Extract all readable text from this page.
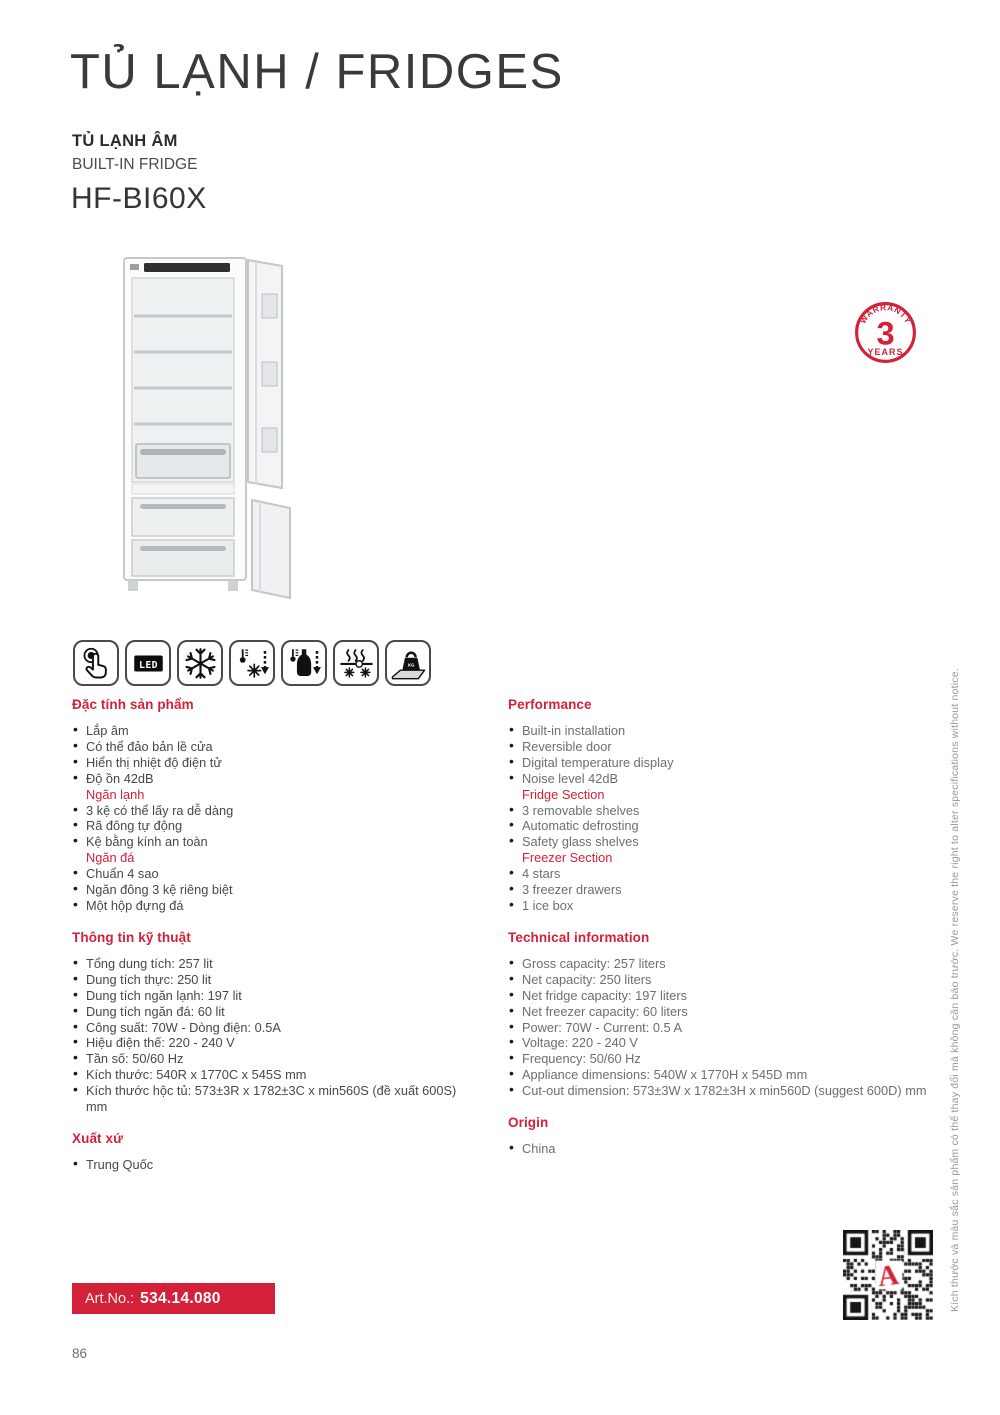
TỦ LẠNH / FRIDGES
TỦ LẠNH ÂM
BUILT-IN FRIDGE
HF-BI60X
WARRANTY
3
YEARS
LED	KG
Đặc tính sản phẩm
• Lắp âm
• Có thể đảo bản lề cửa
• Hiển thị nhiệt độ điện tử
• Độ ồn 42dB
Ngăn lạnh
• 3 kệ có thể lấy ra dễ dàng
• Rã đông tự động
• Kệ bằng kính an toàn
Ngăn đá
• Chuẩn 4 sao
• Ngăn đông 3 kệ riêng biệt
• Một hộp đựng đá
Thông tin kỹ thuật
• Tổng dung tích: 257 lit
• Dung tích thực: 250 lit
• Dung tích ngăn lạnh: 197 lit
• Dung tích ngăn đá: 60 lit
• Công suất: 70W - Dòng điện: 0.5A
• Hiệu điện thế: 220 - 240 V
• Tần số: 50/60 Hz
• Kích thước: 540R x 1770C x 545S mm
• Kích thước hộc tủ: 573±3R x 1782±3C x min560S (đề xuất 600S) mm
Xuất xứ
• Trung Quốc
Performance
• Built-in installation
• Reversible door
• Digital temperature display
• Noise level 42dB
Fridge Section
• 3 removable shelves
• Automatic defrosting
• Safety glass shelves
Freezer Section
• 4 stars
• 3 freezer drawers
• 1 ice box
Technical information
• Gross capacity: 257 liters
• Net capacity: 250 liters
• Net fridge capacity: 197 liters
• Net freezer capacity: 60 liters
• Power: 70W - Current: 0.5 A
• Voltage: 220 - 240 V
• Frequency: 50/60 Hz
• Appliance dimensions: 540W x 1770H x 545D mm
• Cut-out dimension: 573±3W x 1782±3H x min560D (suggest 600D) mm
Origin
• China
Art.No.: 534.14.080	Kích thước và màu sắc sản phẩm có thể thay đổi mà không cần báo trước. We reserve the right to alter specifications without notice.
86
